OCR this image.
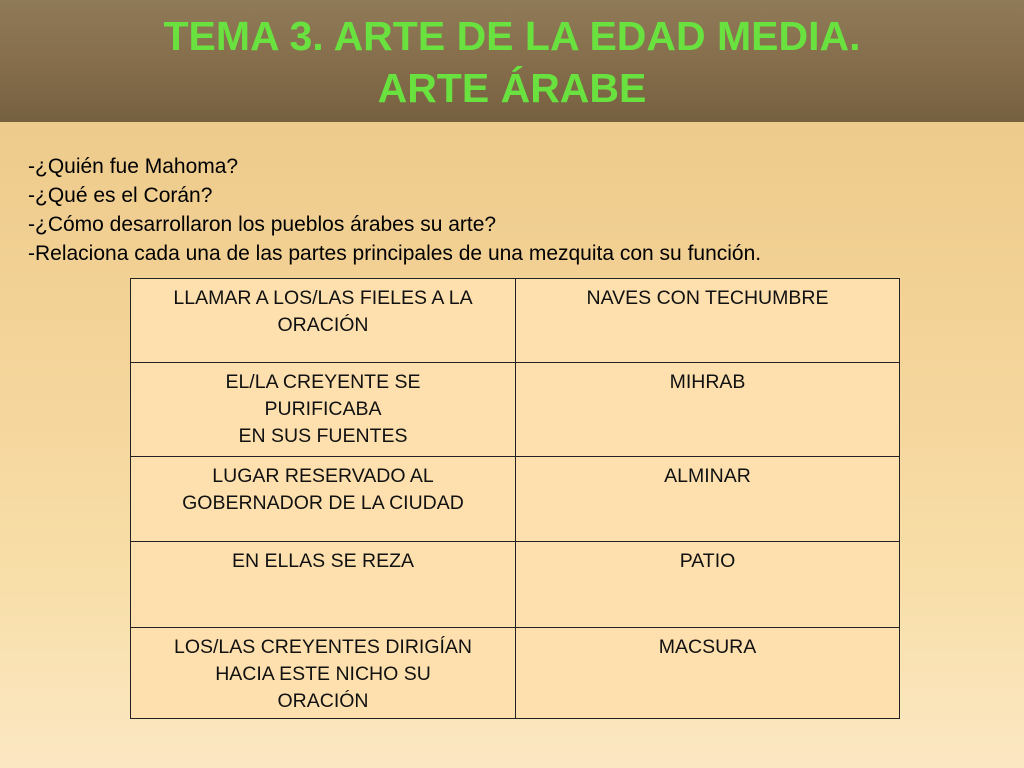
TEMA 3. ARTE DE LA EDAD MEDIA.
ARTE ÁRABE
-¿Quién fue Mahoma?
-¿Qué es el Corán?
-¿Cómo desarrollaron los pueblos árabes su arte?
-Relaciona cada una de las partes principales de una mezquita con su función.
LLAMAR A LOS/LAS FIELES A LA
ORACIÓN	NAVES CON TECHUMBRE
EL/LA CREYENTE SE
PURIFICABA
EN SUS FUENTES	MIHRAB
LUGAR RESERVADO AL
GOBERNADOR DE LA CIUDAD	ALMINAR
EN ELLAS SE REZA	PATIO
LOS/LAS CREYENTES DIRIGÍAN
HACIA ESTE NICHO SU
ORACIÓN	MACSURA
